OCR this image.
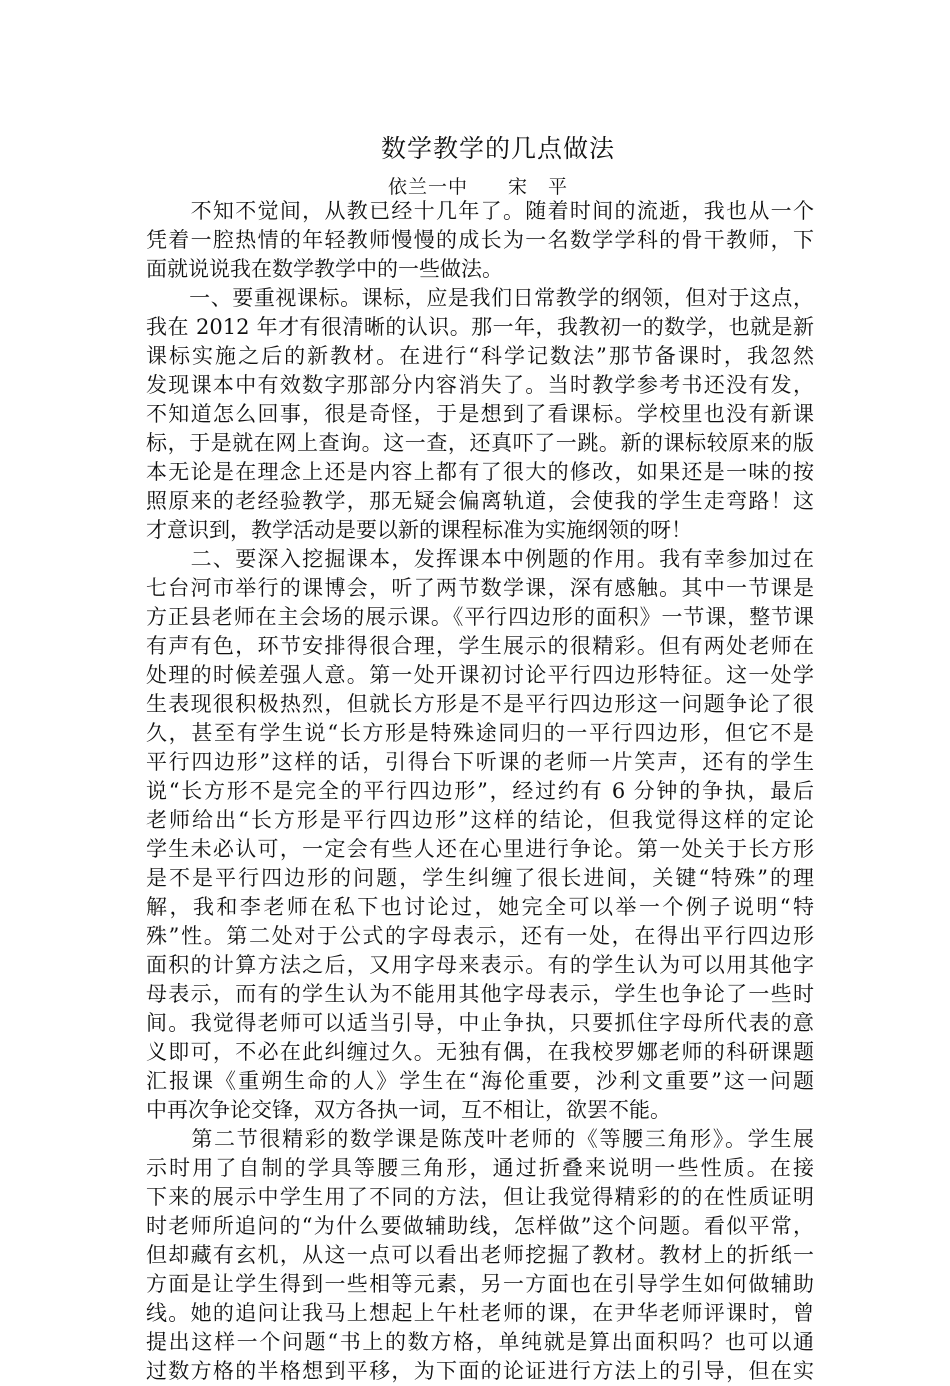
数学教学的几点做法
依兰一中　　宋　平
　　不知不觉间，从教已经十几年了。随着时间的流逝，我也从一个
凭着一腔热情的年轻教师慢慢的成长为一名数学学科的骨干教师，下
面就说说我在数学教学中的一些做法。
　　一、要重视课标。课标，应是我们日常教学的纲领，但对于这点，
我在 2012 年才有很清晰的认识。那一年，我教初一的数学，也就是新
课标实施之后的新教材。在进行“科学记数法”那节备课时，我忽然
发现课本中有效数字那部分内容消失了。当时教学参考书还没有发，
不知道怎么回事，很是奇怪，于是想到了看课标。学校里也没有新课
标，于是就在网上查询。这一查，还真吓了一跳。新的课标较原来的版
本无论是在理念上还是内容上都有了很大的修改，如果还是一味的按
照原来的老经验教学，那无疑会偏离轨道，会使我的学生走弯路！这
才意识到，教学活动是要以新的课程标准为实施纲领的呀！
　　二、要深入挖掘课本，发挥课本中例题的作用。我有幸参加过在
七台河市举行的课博会，听了两节数学课，深有感触。其中一节课是
方正县老师在主会场的展示课。《平行四边形的面积》一节课，整节课
有声有色，环节安排得很合理，学生展示的很精彩。但有两处老师在
处理的时候差强人意。第一处开课初讨论平行四边形特征。这一处学
生表现很积极热烈，但就长方形是不是平行四边形这一问题争论了很
久，甚至有学生说“长方形是特殊途同归的一平行四边形，但它不是
平行四边形”这样的话，引得台下听课的老师一片笑声，还有的学生
说“长方形不是完全的平行四边形”，经过约有 6 分钟的争执，最后
老师给出“长方形是平行四边形”这样的结论，但我觉得这样的定论
学生未必认可，一定会有些人还在心里进行争论。第一处关于长方形
是不是平行四边形的问题，学生纠缠了很长进间，关键“特殊”的理
解，我和李老师在私下也讨论过，她完全可以举一个例子说明“特
殊”性。第二处对于公式的字母表示，还有一处，在得出平行四边形
面积的计算方法之后，又用字母来表示。有的学生认为可以用其他字
母表示，而有的学生认为不能用其他字母表示，学生也争论了一些时
间。我觉得老师可以适当引导，中止争执，只要抓住字母所代表的意
义即可，不必在此纠缠过久。无独有偶，在我校罗娜老师的科研课题
汇报课《重朔生命的人》学生在“海伦重要，沙利文重要”这一问题
中再次争论交锋，双方各执一词，互不相让，欲罢不能。
　　第二节很精彩的数学课是陈茂叶老师的《等腰三角形》。学生展
示时用了自制的学具等腰三角形，通过折叠来说明一些性质。在接
下来的展示中学生用了不同的方法，但让我觉得精彩的的在性质证明
时老师所追问的“为什么要做辅助线，怎样做”这个问题。看似平常，
但却藏有玄机，从这一点可以看出老师挖掘了教材。教材上的折纸一
方面是让学生得到一些相等元素，另一方面也在引导学生如何做辅助
线。她的追问让我马上想起上午杜老师的课，在尹华老师评课时，曾
提出这样一个问题“书上的数方格，单纯就是算出面积吗？也可以通
过数方格的半格想到平移，为下面的论证进行方法上的引导，但在实
